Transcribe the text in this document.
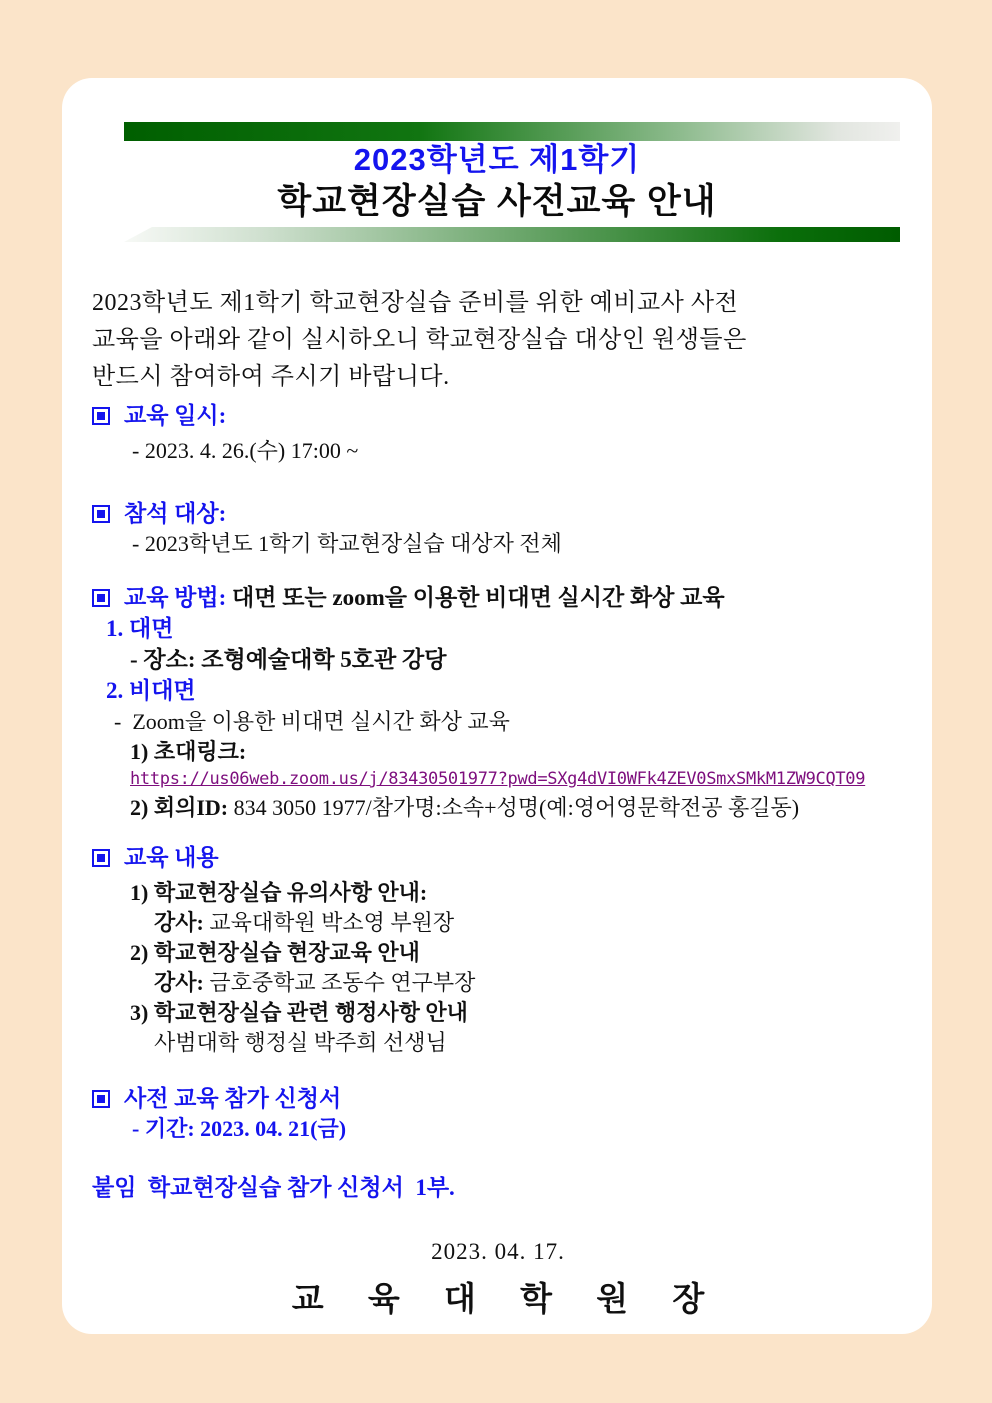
2023학년도 제1학기
학교현장실습 사전교육 안내
2023학년도 제1학기 학교현장실습 준비를 위한 예비교사 사전
교육을 아래와 같이 실시하오니 학교현장실습 대상인 원생들은
반드시 참여하여 주시기 바랍니다.
교육 일시:
- 2023. 4. 26.(수) 17:00 ~
참석 대상:
- 2023학년도 1학기 학교현장실습 대상자 전체
교육 방법: 대면 또는 zoom을 이용한 비대면 실시간 화상 교육
1. 대면
- 장소: 조형예술대학 5호관 강당
2. 비대면
-  Zoom을 이용한 비대면 실시간 화상 교육
1) 초대링크:
https://us06web.zoom.us/j/83430501977?pwd=SXg4dVI0WFk4ZEV0SmxSMkM1ZW9CQT09
2) 회의ID: 834 3050 1977/참가명:소속+성명(예:영어영문학전공 홍길동)
교육 내용
1) 학교현장실습 유의사항 안내:
강사: 교육대학원 박소영 부원장
2) 학교현장실습 현장교육 안내
강사: 금호중학교 조동수 연구부장
3) 학교현장실습 관련 행정사항 안내
사범대학 행정실 박주희 선생님
사전 교육 참가 신청서
- 기간: 2023. 04. 21(금)
붙임  학교현장실습 참가 신청서  1부.
2023. 04. 17.
교 육 대 학 원 장
